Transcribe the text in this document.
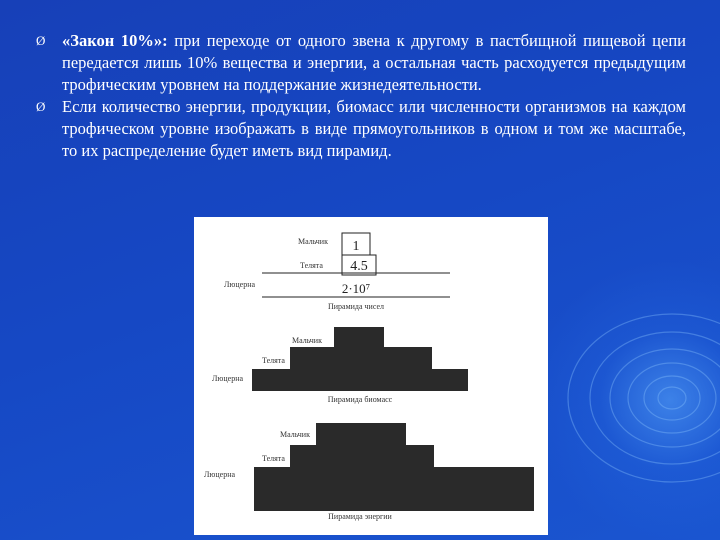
Ø «Закон 10%»: при переходе от одного звена к другому в пастбищной пищевой цепи передается лишь 10% вещества и энергии, а остальная часть расходуется предыдущим трофическим уровнем на поддержание жизнедеятельности.

Ø Если количество энергии, продукции, биомасс или численности организмов на каждом трофическом уровне изображать в виде прямоугольников в одном и том же масштабе, то их распределение будет иметь вид пирамид.

1
4.5
2·10⁷
Мальчик
Телята
Люцерна
Пирамида чисел
Мальчик
Телята
Люцерна
Пирамида биомасс
Мальчик
Телята
Люцерна
Пирамида энергии
